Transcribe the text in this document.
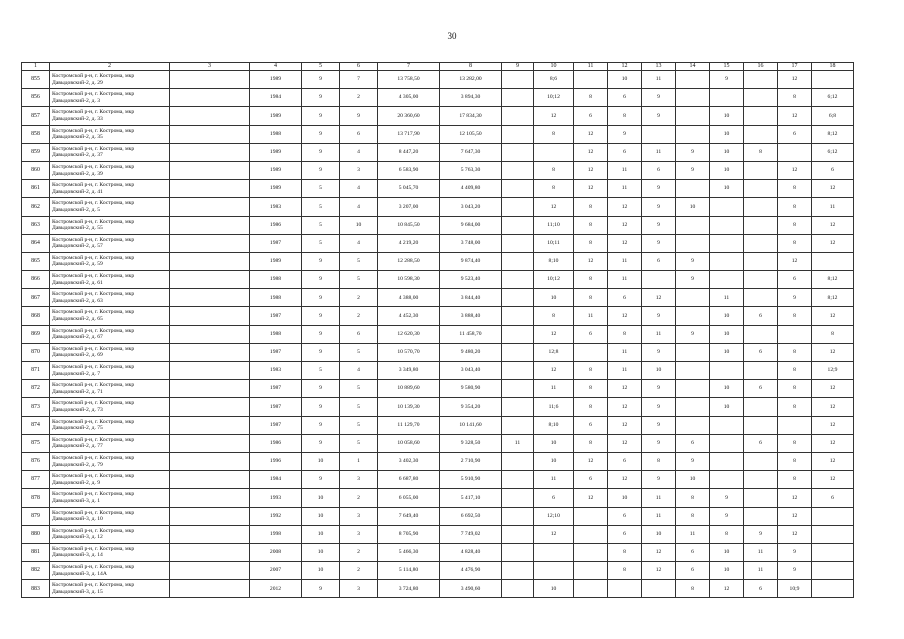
30
1	2	3	4	5	6	7	8	9	10	11	12	13	14	15	16	17	18
855	Костромской р-н, г. Кострома, мкр Давыдовский-2, д. 29		1989	9	7	13 758,50	13 282,00		8;6		10	11		9		12	
856	Костромской р-н, г. Кострома, мкр Давыдовский-2, д. 3		1984	9	2	4 305,00	3 894,30		10;12	8	6	9				8	6;12
857	Костромской р-н, г. Кострома, мкр Давыдовский-2, д. 33		1989	9	9	20 360,60	17 834,30		12	6	8	9		10		12	6;8
858	Костромской р-н, г. Кострома, мкр Давыдовский-2, д. 35		1988	9	6	13 717,90	12 105,50		8	12	9			10		6	8;12
859	Костромской р-н, г. Кострома, мкр Давыдовский-2, д. 37		1989	9	4	8 447,20	7 647,30			12	6	11	9	10	8		6;12
860	Костромской р-н, г. Кострома, мкр Давыдовский-2, д. 39		1989	9	3	6 583,90	5 763,30		8	12	11	6	9	10		12	6
861	Костромской р-н, г. Кострома, мкр Давыдовский-2, д. 41		1989	5	4	5 045,70	4 409,80		8	12	11	9		10		8	12
862	Костромской р-н, г. Кострома, мкр Давыдовский-2, д. 5		1983	5	4	3 207,00	3 043,20		12	8	12	9	10			8	11
863	Костромской р-н, г. Кострома, мкр Давыдовский-2, д. 55		1986	5	10	10 845,50	9 684,00		11;10	8	12	9				8	12
864	Костромской р-н, г. Кострома, мкр Давыдовский-2, д. 57		1987	5	4	4 219,20	3 748,00		10;11	8	12	9				8	12
865	Костромской р-н, г. Кострома, мкр Давыдовский-2, д. 59		1989	9	5	12 288,50	9 874,40		8;10	12	11	6	9			12	
866	Костромской р-н, г. Кострома, мкр Давыдовский-2, д. 61		1988	9	5	10 598,30	9 523,40		10;12	8	11		9			6	8;12
867	Костромской р-н, г. Кострома, мкр Давыдовский-2, д. 63		1988	9	2	4 388,00	3 844,40		10	8	6	12		11		9	8;12
868	Костромской р-н, г. Кострома, мкр Давыдовский-2, д. 65		1987	9	2	4 452,30	3 888,40		8	11	12	9		10	6	8	12
869	Костромской р-н, г. Кострома, мкр Давыдовский-2, д. 67		1988	9	6	12 620,30	11 458,70		12	6	8	11	9	10			8
870	Костромской р-н, г. Кострома, мкр Давыдовский-2, д. 69		1987	9	5	10 570,70	9 480,20		12;8		11	9		10	6	8	12
871	Костромской р-н, г. Кострома, мкр Давыдовский-2, д. 7		1983	5	4	3 349,80	3 043,40		12	8	11	10				8	12;9
872	Костромской р-н, г. Кострома, мкр Давыдовский-2, д. 71		1987	9	5	10 889,60	9 580,90		11	8	12	9		10	6	8	12
873	Костромской р-н, г. Кострома, мкр Давыдовский-2, д. 73		1987	9	5	10 139,30	9 354,20		11;6	8	12	9		10		8	12
874	Костромской р-н, г. Кострома, мкр Давыдовский-2, д. 75		1987	9	5	11 129,70	10 141,60		8;10	6	12	9					12
875	Костромской р-н, г. Кострома, мкр Давыдовский-2, д. 77		1986	9	5	10 058,60	9 328,50	11	10	8	12	9	6		6	8	12
876	Костромской р-н, г. Кострома, мкр Давыдовский-2, д. 79		1996	10	1	3 402,30	2 710,90		10	12	6	8	9			8	12
877	Костромской р-н, г. Кострома, мкр Давыдовский-2, д. 9		1984	9	3	6 687,80	5 910,90		11	6	12	9	10			8	12
878	Костромской р-н, г. Кострома, мкр Давыдовский-3, д. 1		1993	10	2	6 055,00	5 417,10		6	12	10	11	8	9		12	6
879	Костромской р-н, г. Кострома, мкр Давыдовский-3, д. 10		1992	10	3	7 649,40	6 692,50		12;10		6	11	8	9		12	
880	Костромской р-н, г. Кострома, мкр Давыдовский-3, д. 12		1998	10	3	8 705,90	7 749,02		12		6	10	11	8	9	12	
881	Костромской р-н, г. Кострома, мкр Давыдовский-3, д. 14		2008	10	2	5 466,30	4 828,40				8	12	6	10	11	9	
882	Костромской р-н, г. Кострома, мкр Давыдовский-3, д. 14А		2007	10	2	5 114,80	4 476,90				8	12	6	10	11	9	
883	Костромской р-н, г. Кострома, мкр Давыдовский-3, д. 15		2012	9	3	3 724,80	3 490,60		10				8	12	6	10;9	
